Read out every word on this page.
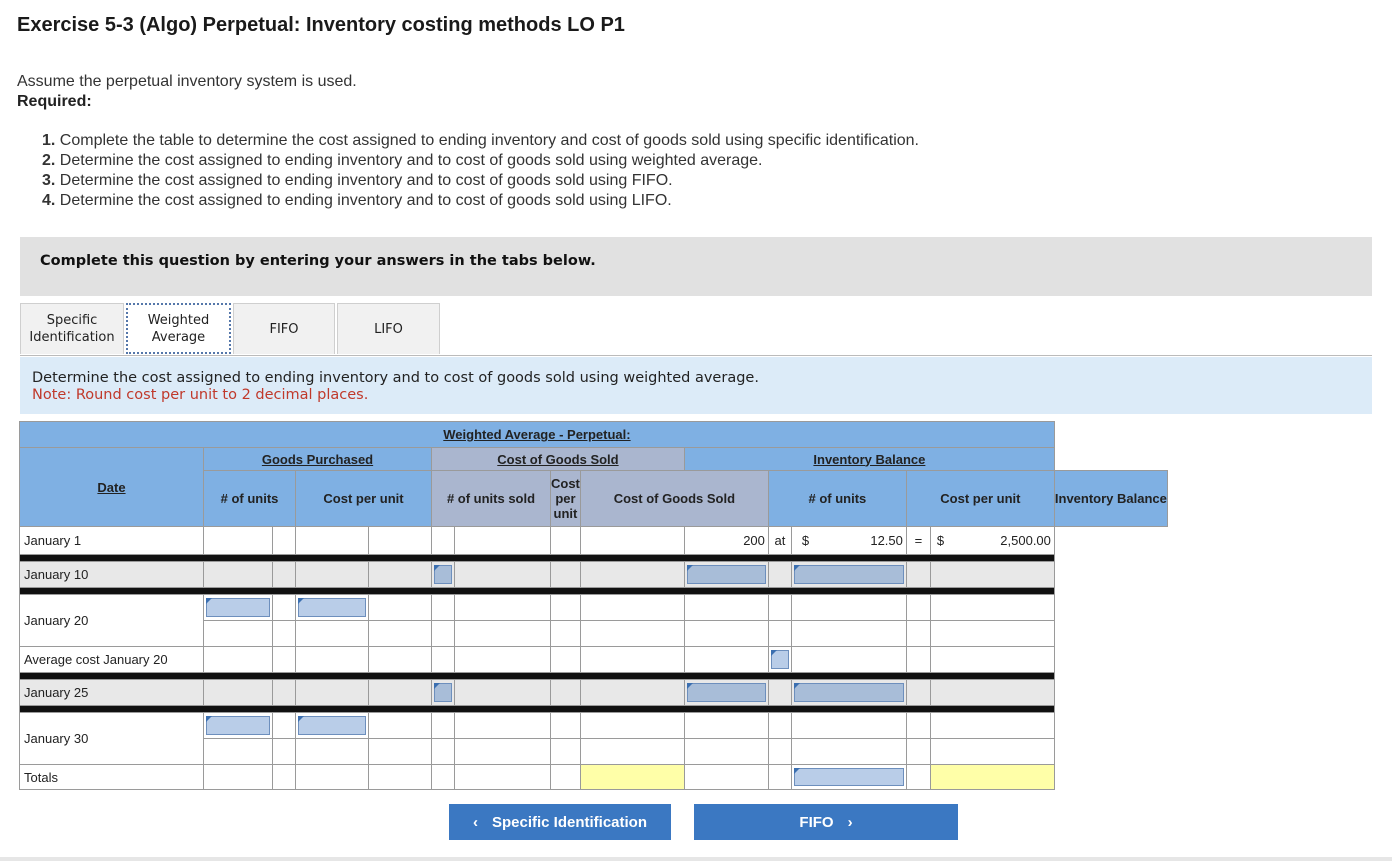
Exercise 5-3 (Algo) Perpetual: Inventory costing methods LO P1
Assume the perpetual inventory system is used.
Required:
1. Complete the table to determine the cost assigned to ending inventory and cost of goods sold using specific identification.
2. Determine the cost assigned to ending inventory and to cost of goods sold using weighted average.
3. Determine the cost assigned to ending inventory and to cost of goods sold using FIFO.
4. Determine the cost assigned to ending inventory and to cost of goods sold using LIFO.
Complete this question by entering your answers in the tabs below.
Specific
Identification
Weighted
Average
FIFO	LIFO
Determine the cost assigned to ending inventory and to cost of goods sold using weighted average.
Note: Round cost per unit to 2 decimal places.
Weighted Average - Perpetual:														
Date	Goods Purchased				Cost of Goods Sold				Inventory Balance					
	# of units		Cost per unit		# of units sold		Cost per unit	Cost of Goods Sold		# of units		Cost per unit		Inventory Balance
January 1									200	at	$ 12.50	=	$ 2,500.00	

January 10						

January 20		

Average cost January 20											

January 25						

January 30		

Totals												

‹ Specific Identification	FIFO ›
